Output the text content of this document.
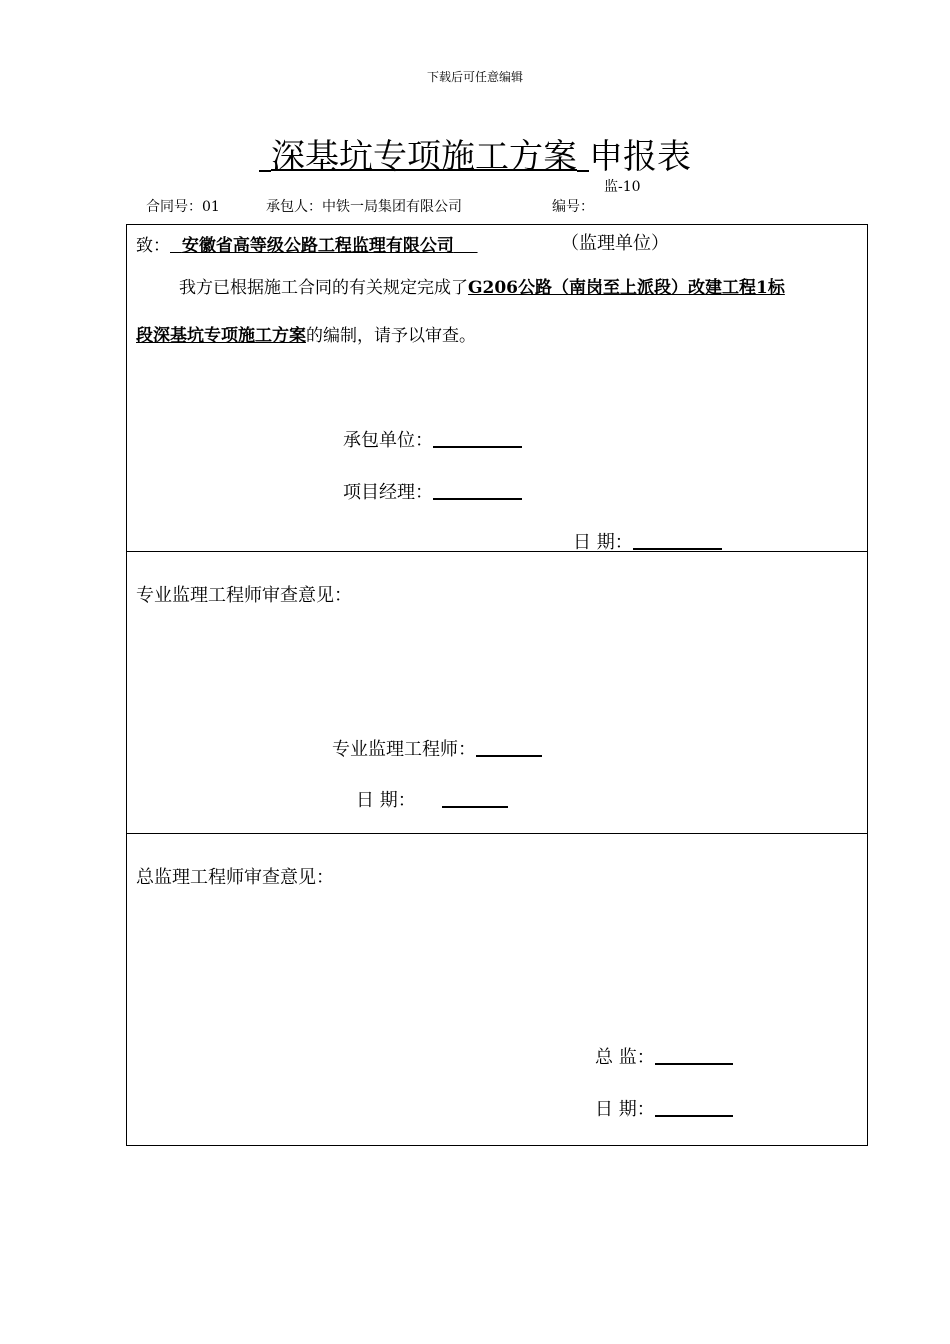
下载后可任意编辑
深基坑专项施工方案 申报表
监-10
合同号：01	承包人：中铁一局集团有限公司	编号：
致： 安徽省高等级公路工程监理有限公司	（监理单位）
我方已根据施工合同的有关规定完成了G206公路（南岗至上派段）改建工程1标
段深基坑专项施工方案的编制，请予以审查。
承包单位：
项目经理：
日 期：
专业监理工程师审查意见：
专业监理工程师：
日 期：
总监理工程师审查意见：
总 监：
日 期：
